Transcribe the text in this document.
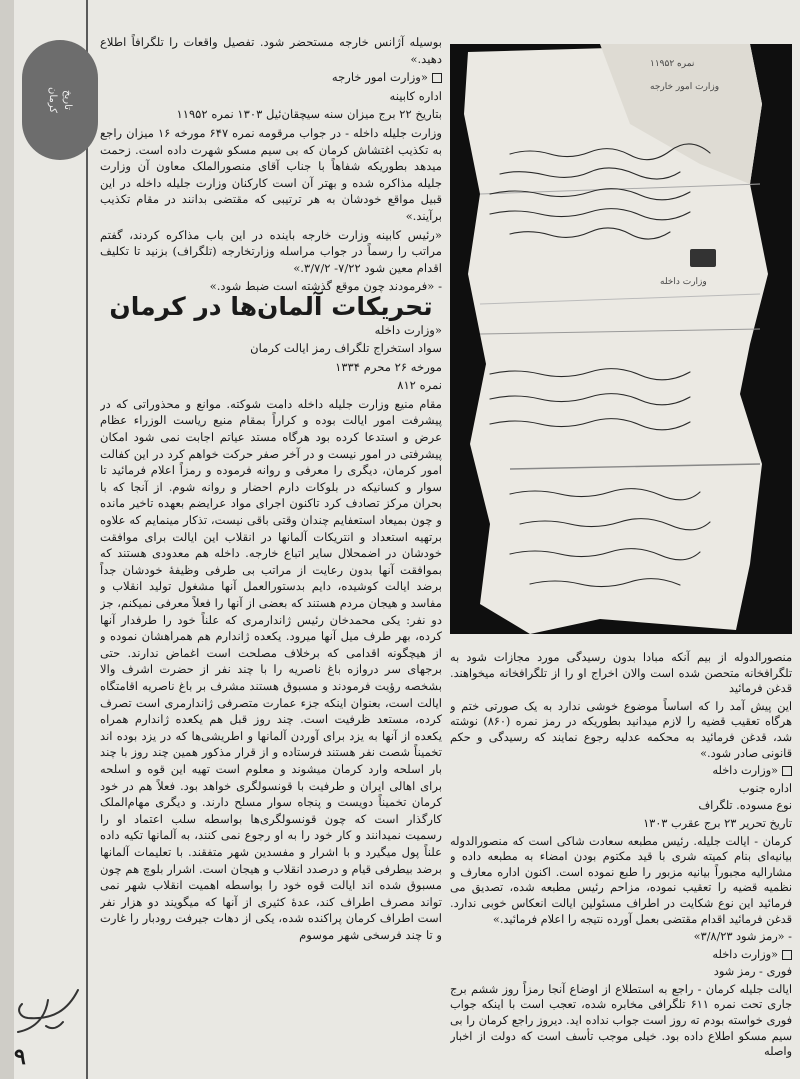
تاریخ
کرمان
۹

بوسیله آژانس خارجه مستحضر شود. تفصیل واقعات را تلگرافاً اطلاع دهید.»

«وزارت امور خارجه

اداره کابینه

بتاریخ ۲۲ برج میزان سنه سیچقان‌ئیل ۱۳۰۳ نمره ۱۱۹۵۲

وزارت جلیله داخله - در جواب مرقومه نمره ۶۴۷ مورخه ۱۶ میزان راجع به تکذیب اغتشاش کرمان که بی سیم مسکو شهرت داده است. زحمت میدهد بطوریکه شفاهاً با جناب آقای منصورالملک معاون آن وزارت جلیله مذاکره شده و بهتر آن است کارکنان وزارت جلیله داخله در این قبیل مواقع خودشان به هر ترتیبی که مقتضی بدانند در مقام تکذیب برآیند.»

«رئیس کابینه وزارت خارجه باینده در این باب مذاکره کردند، گفتم مراتب را رسماً در جواب مراسله وزارتخارجه (تلگراف) بزنید تا تکلیف اقدام معین شود ۷/۲۲- ۳/۷/۲.»

- «فرمودند چون موقع گذشته است ضبط شود.»

تحریکات آلمان‌ها در کرمان

«وزارت داخله

سواد استخراج تلگراف رمز ایالت کرمان

مورخه ۲۶ محرم ۱۳۳۴

نمره ۸۱۲

مقام منیع وزارت جلیله داخله دامت شوکته. موانع و محذوراتی که در پیشرفت امور ایالت بوده و کراراً بمقام منیع ریاست الوزراء عظام عرض و استدعا کرده بود هرگاه مستد عیاتم اجابت نمی شود امکان پیشرفتی در امور نیست و در آخر صفر حرکت خواهم کرد در این کفالت امور کرمان، دیگری را معرفی و روانه فرموده و رمزاً اعلام فرمائید تا سوار و کسانیکه در بلوکات دارم احضار و روانه شوم. از آنجا که با بحران مرکز تصادف کرد تاکنون اجرای مواد عرایضم بعهده تاخیر مانده و چون بمیعاد استعفایم چندان وقتی باقی نیست، تذکار مینمایم که علاوه برتهیه استعداد و انتریکات آلمانها در انقلاب این ایالت برای موافقت خودشان در اضمحلال سایر اتباع خارجه. داخله هم معدودی هستند که بموافقت آنها بدون رعایت از مراتب بی طرفی وظیفهٔ خودشان جداً برضد ایالت کوشیده، دایم بدستورالعمل آنها مشغول تولید انقلاب و مفاسد و هیجان مردم هستند که بعضی از آنها را فعلاً معرفی نمیکنم، جز دو نفر: یکی محمدخان رئیس ژاندارمری که علناً خود را طرفدار آنها کرده، بهر طرف میل آنها میرود. یکعده ژاندارم هم همراهشان نموده و از هیچگونه اقدامی که برخلاف مصلحت است اغماض ندارند. حتی برجهای سر دروازه باغ ناصریه را با چند نفر از حضرت اشرف والا بشخصه رؤیت فرمودند و مسبوق هستند مشرف بر باغ ناصریه اقامتگاه ایالت است، بعنوان اینکه جزء عمارت متصرفی ژاندارمری است تصرف کرده، مستعد ظرفیت است. چند روز قبل هم یکعده ژاندارم همراه یکعده از آنها به یزد برای آوردن آلمانها و اطریشی‌ها که در یزد بوده اند تخمیناً شصت نفر هستند فرستاده و از قرار مذکور همین چند روز با چند بار اسلحه وارد کرمان میشوند و معلوم است تهیه این قوه و اسلحه برای اهالی ایران و طرفیت با قونسولگری خواهد بود. فعلاً هم در خود کرمان تخمیناً دویست و پنجاه سوار مسلح دارند. و دیگری مهام‌الملک کارگذار است که چون قونسولگری‌ها بواسطه سلب اعتماد او را رسمیت نمیدانند و کار خود را به او رجوع نمی کنند، به آلمانها تکیه داده علناً پول میگیرد و با اشرار و مفسدین شهر متفقند. با تعلیمات آلمانها برضد بیطرفی قیام و درصدد انقلاب و هیجان است. اشرار بلوچ هم چون مسبوق شده اند ایالت قوه خود را بواسطه اهمیت انقلاب شهر نمی تواند مصرف اطراف کند، عدهٔ کثیری از آنها که میگویند دو هزار نفر است اطراف کرمان پراکنده شده، یکی از دهات جیرفت رودبار را غارت و تا چند فرسخی شهر موسوم

نمره ۱۱۹۵۲
وزارت امور خارجه
وزارت داخله

منصورالدوله از بیم آنکه مبادا بدون رسیدگی مورد مجازات شود به تلگرافخانه متحصن شده است والان اخراج او را از تلگرافخانه میخواهند. قدغن فرمائید

این پیش آمد را که اساساً موضوع خوشی ندارد به یک صورتی ختم و هرگاه تعقیب قضیه را لازم میدانید بطوریکه در رمز نمره (۸۶۰) نوشته شد، قدغن فرمائید به محکمه عدلیه رجوع نمایند که رسیدگی و حکم قانونی صادر شود.»

«وزارت داخله

اداره جنوب

نوع مسوده. تلگراف

تاریخ تحریر ۲۳ برج عقرب ۱۳۰۳

کرمان - ایالت جلیله. رئیس مطبعه سعادت شاکی است که منصورالدوله بیانیه‌ای بنام کمیته شری با قید مکتوم بودن امضاء به مطبعه داده و مشارالیه مجبوراً بیانیه مزبور را طبع نموده است. اکنون اداره معارف و نظمیه قضیه را تعقیب نموده، مزاحم رئیس مطبعه شده، تصدیق می فرمائید این نوع شکایت در اطراف مسئولین ایالت انعکاس خوبی ندارد. قدغن فرمائید اقدام مقتضی بعمل آورده نتیجه را اعلام فرمائید.»

- «رمز شود ۳/۸/۲۳»

«وزارت داخله

فوری - رمز شود

ایالت جلیله کرمان - راجع به استطلاع از اوضاع آنجا رمزاً روز ششم برج جاری تحت نمره ۶۱۱ تلگرافی مخابره شده، تعجب است با اینکه جواب فوری خواسته بودم ته روز است جواب نداده اید. دیروز راجع کرمان را بی سیم مسکو اطلاع داده بود. خیلی موجب تأسف است که دولت از اخبار واصله
